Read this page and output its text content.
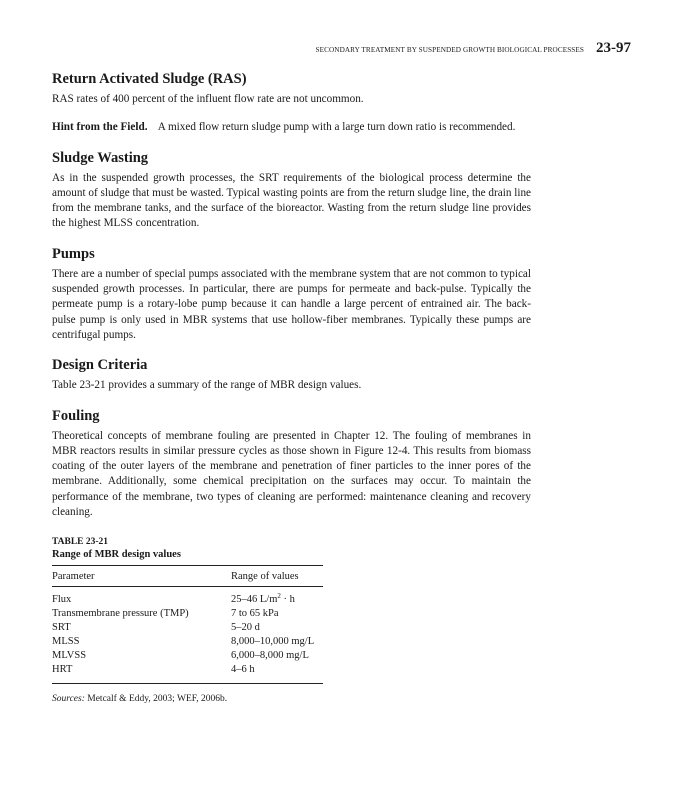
SECONDARY TREATMENT BY SUSPENDED GROWTH BIOLOGICAL PROCESSES 23-97
Return Activated Sludge (RAS)

RAS rates of 400 percent of the influent flow rate are not uncommon.

Hint from the Field. A mixed flow return sludge pump with a large turn down ratio is recommended.

Sludge Wasting

As in the suspended growth processes, the SRT requirements of the biological process determine the amount of sludge that must be wasted. Typical wasting points are from the return sludge line, the drain line from the membrane tanks, and the surface of the bioreactor. Wasting from the return sludge line provides the highest MLSS concentration.

Pumps

There are a number of special pumps associated with the membrane system that are not common to typical suspended growth processes. In particular, there are pumps for permeate and back-pulse. Typically the permeate pump is a rotary-lobe pump because it can handle a large percent of entrained air. The back-pulse pump is only used in MBR systems that use hollow-fiber membranes. Typically these pumps are centrifugal pumps.

Design Criteria

Table 23-21 provides a summary of the range of MBR design values.

Fouling

Theoretical concepts of membrane fouling are presented in Chapter 12. The fouling of membranes in MBR reactors results in similar pressure cycles as those shown in Figure 12-4. This results from biomass coating of the outer layers of the membrane and penetration of finer particles to the inner pores of the membrane. Additionally, some chemical precipitation on the surfaces may occur. To maintain the performance of the membrane, two types of cleaning are performed: maintenance cleaning and recovery cleaning.

TABLE 23-21
Range of MBR design values
Parameter	Range of values
Flux	25–46 $L/m^2 \cdot h$
Transmembrane pressure (TMP)	7 to 65 kPa
SRT	5–20 d
MLSS	8,000–10,000 mg/L
MLVSS	6,000–8,000 mg/L
HRT	4–6 h
Sources: Metcalf & Eddy, 2003; WEF, 2006b.
